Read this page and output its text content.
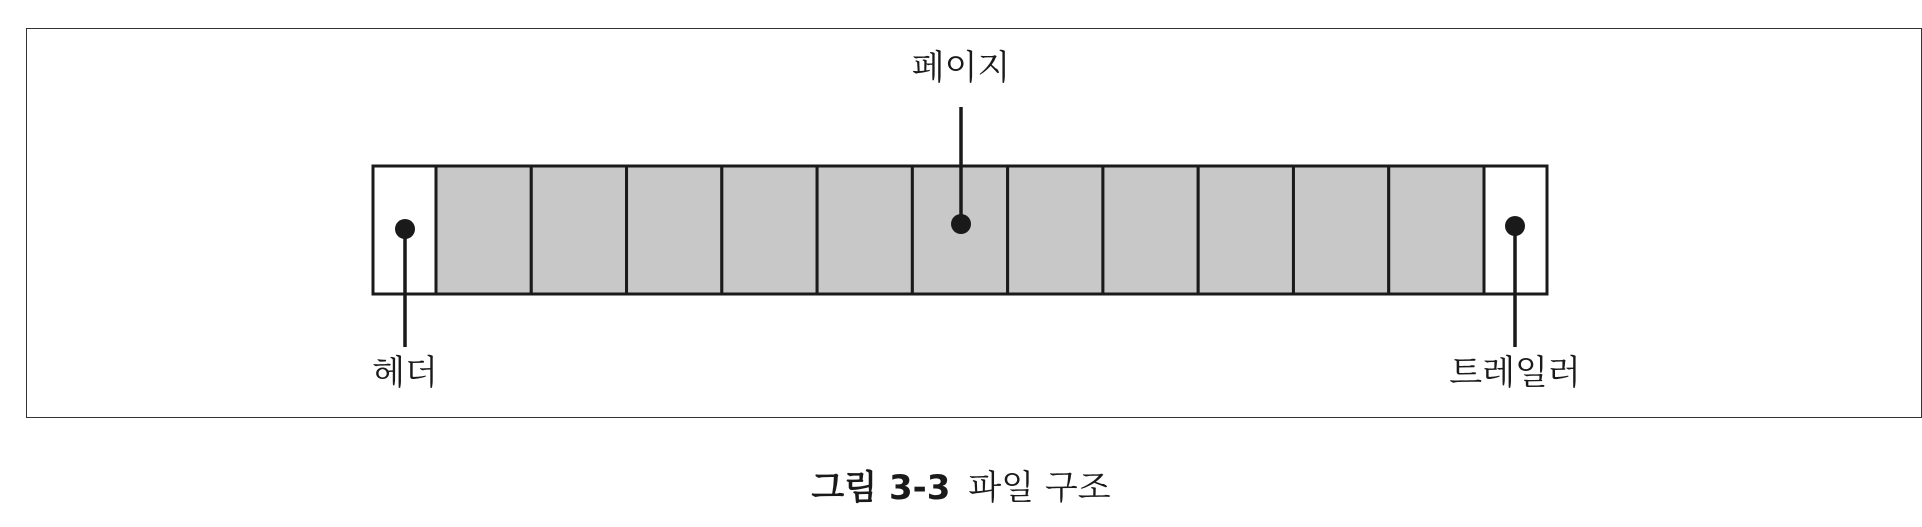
페이지
헤더	트레일러
그림 3-3 파일 구조
